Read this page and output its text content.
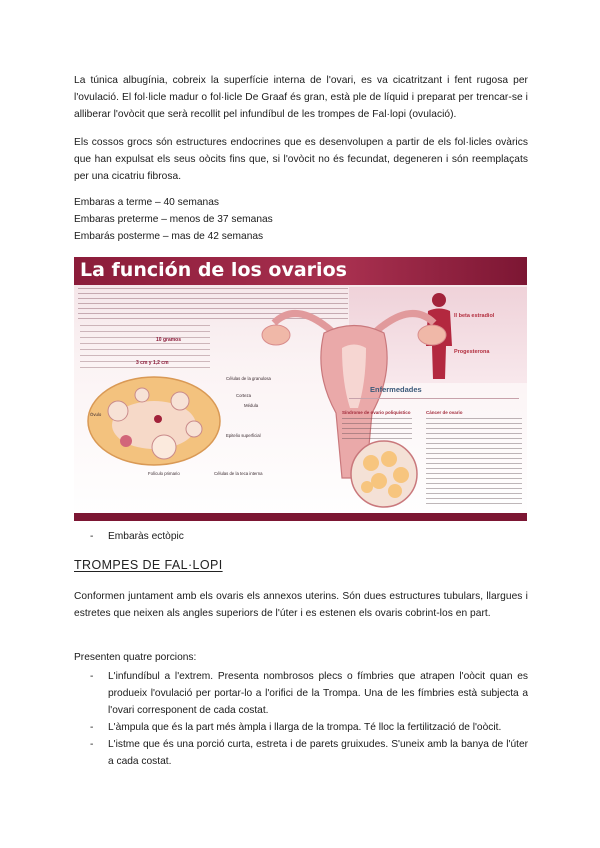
La túnica albugínia, cobreix la superfície interna de l'ovari, es va cicatritzant i fent rugosa per l'ovulació. El fol·licle madur o fol·licle De Graaf és gran, està ple de líquid i preparat per trencar-se i alliberar l'ovòcit que serà recollit pel infundíbul de les trompes de Fal·lopi (ovulació).
Els cossos grocs són estructures endocrines que es desenvolupen a partir de els fol·licles ovàrics que han expulsat els seus oòcits fins que, si l'ovòcit no és fecundat, degeneren i són reemplaçats per una cicatriu fibrosa.
Embaras a terme – 40 semanas
Embaras preterme – menos de 37 semanas
Embarás posterme – mas de 42 semanas
La función de los ovarios
10 gramos
3 cm y 1,2 cm
Il beta estradiol
Progesterona
Células de la granulosa
Corteza
Médula
Óvulo
Folículo primario	Células de la teca interna
Epitelio superficial
Enfermedades
Síndrome de ovario poliquístico	Cáncer de ovario
- Embaràs ectòpic
TROMPES DE FAL·LOPI
Conformen juntament amb els ovaris els annexos uterins. Són dues estructures tubulars, llargues i estretes que neixen als angles superiors de l'úter i es estenen els ovaris cobrint-los en part.
Presenten quatre porcions:
- L'infundíbul a l'extrem. Presenta nombrosos plecs o fímbries que atrapen l'oòcit quan es produeix l'ovulació per portar-lo a l'orifici de la Trompa. Una de les fímbries està subjecta a l'ovari corresponent de cada costat.
- L'àmpula que és la part més àmpla i llarga de la trompa. Té lloc la fertilització de l'oòcit.
- L'istme que és una porció curta, estreta i de parets gruixudes. S'uneix amb la banya de l'úter a cada costat.
